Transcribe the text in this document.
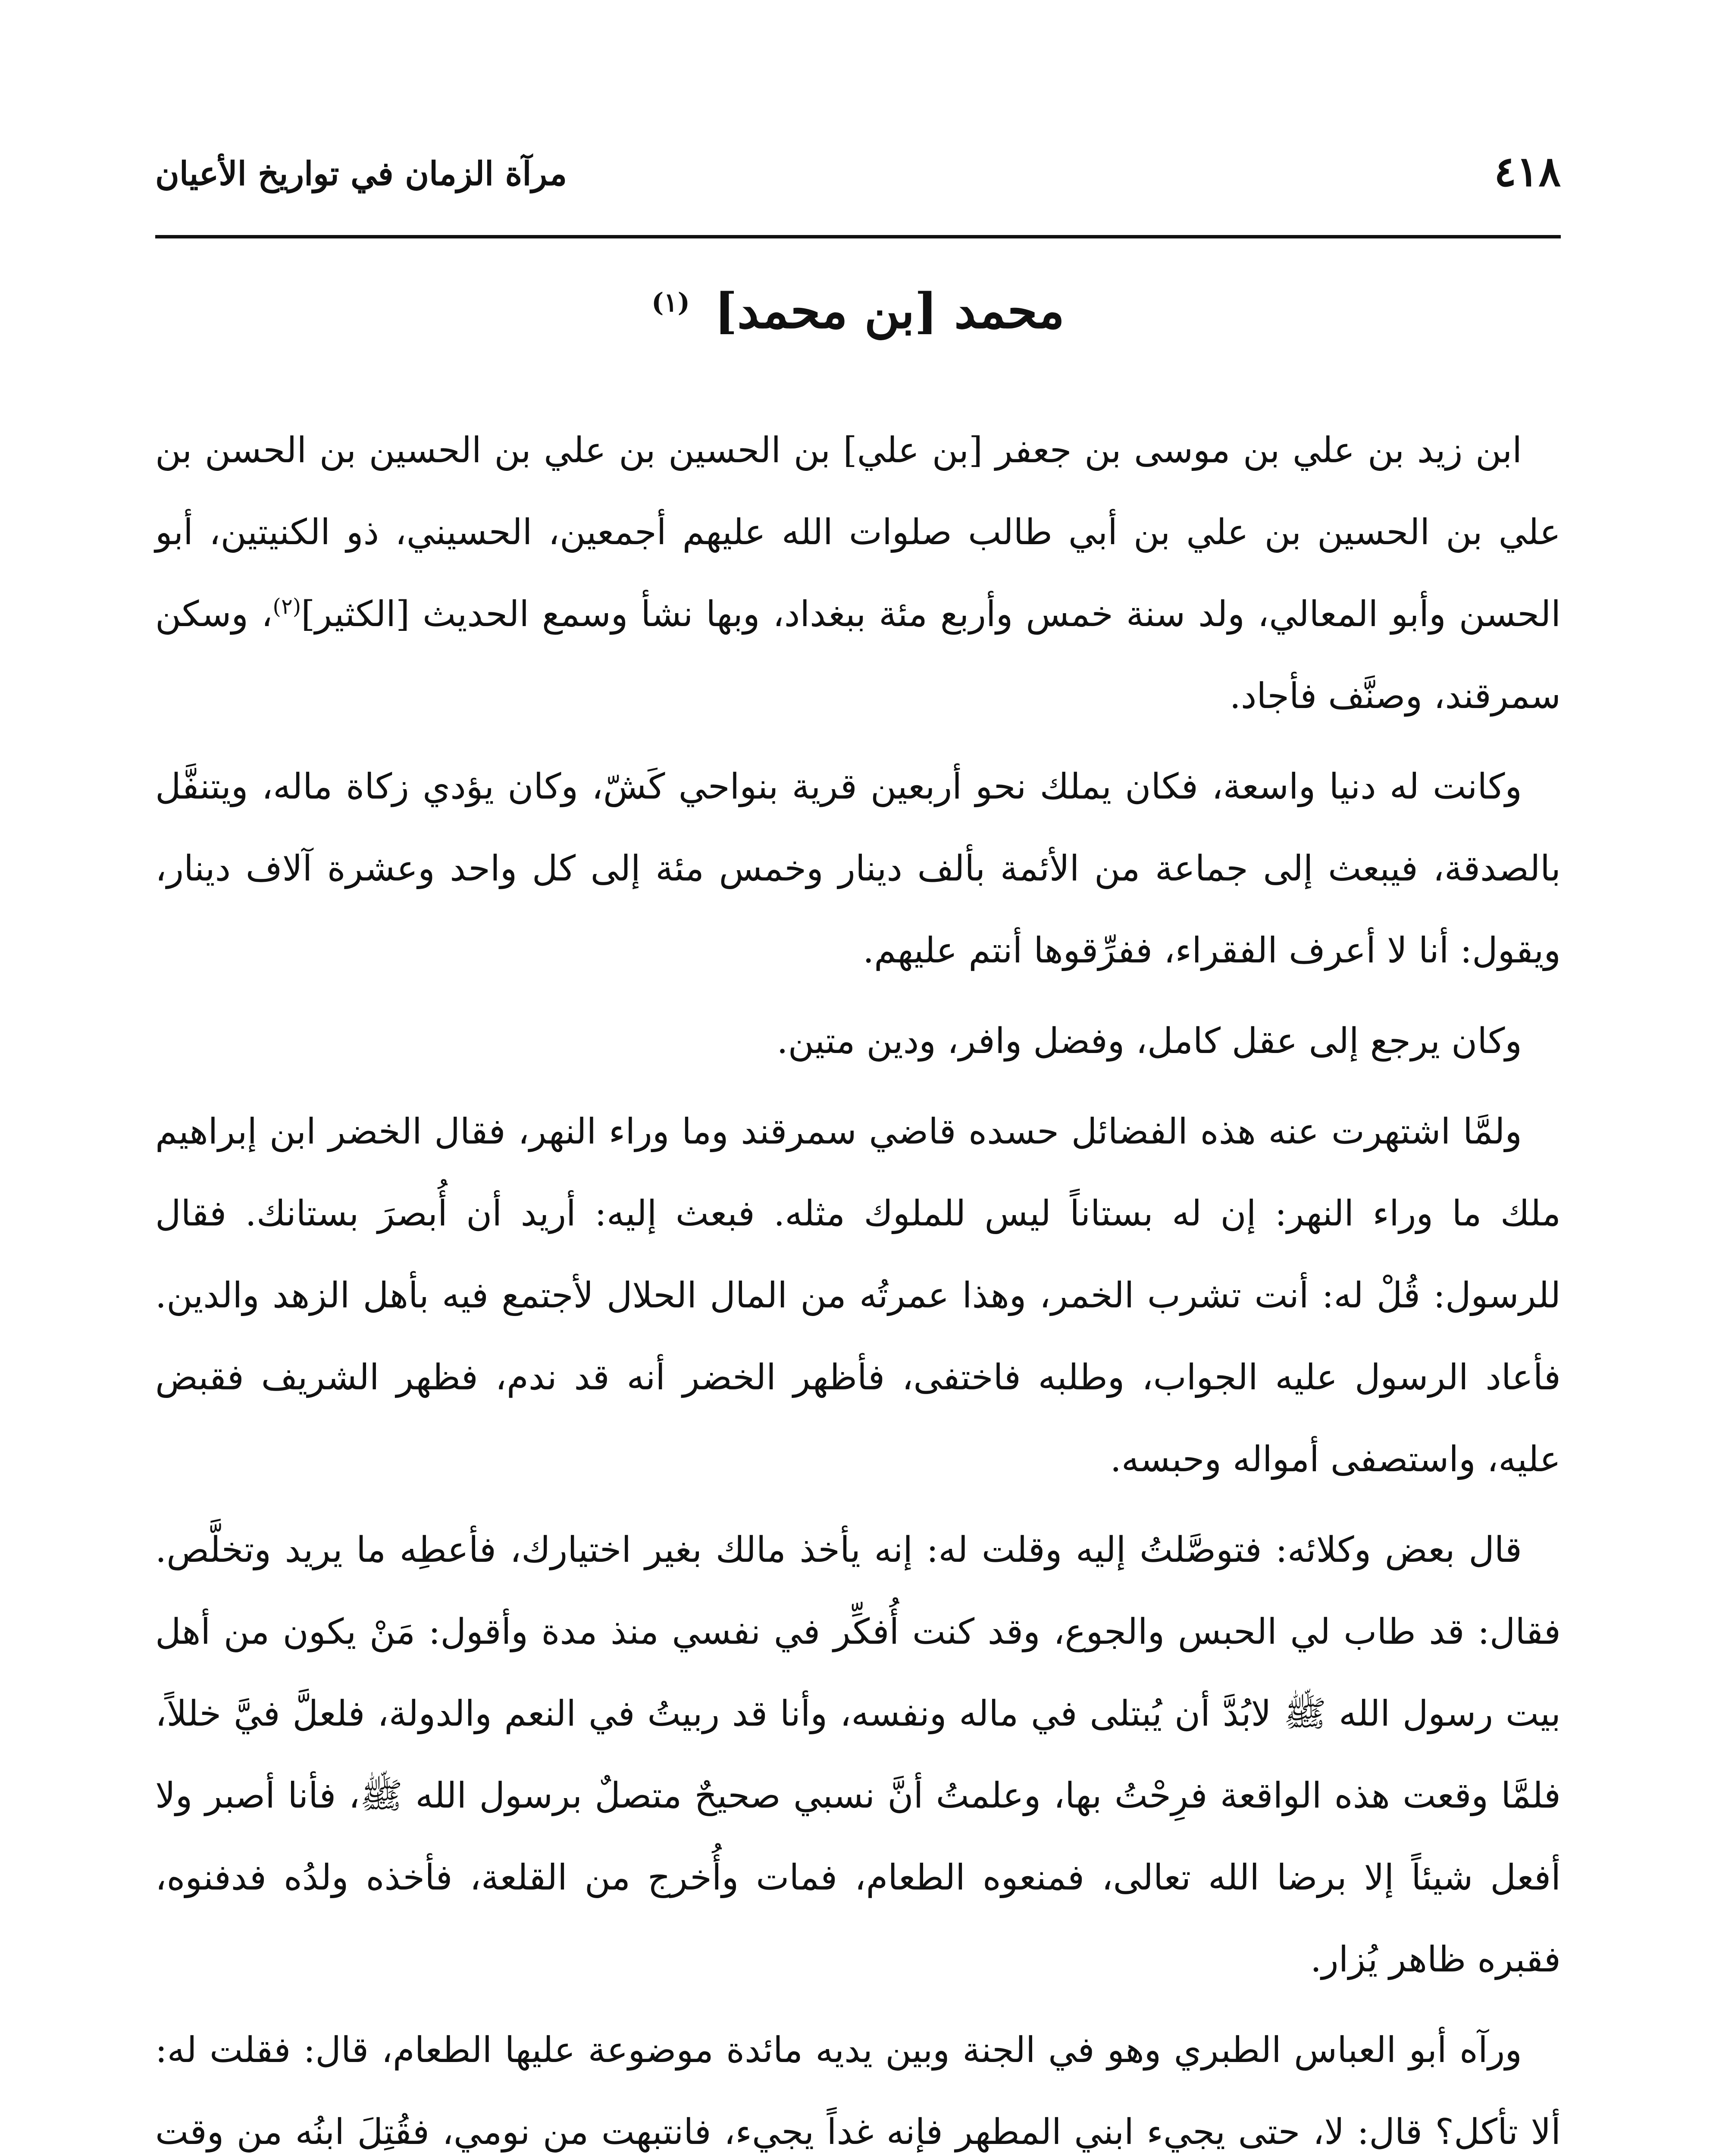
٤١٨
مرآة الزمان في تواريخ الأعيان
محمد [بن محمد] $^{(١)}$

ابن زيد بن علي بن موسى بن جعفر [بن علي] بن الحسين بن علي بن الحسين بن الحسن بن علي بن الحسين بن علي بن أبي طالب صلوات الله عليهم أجمعين، الحسيني، ذو الكنيتين، أبو الحسن وأبو المعالي، ولد سنة خمس وأربع مئة ببغداد، وبها نشأ وسمع الحديث [الكثير]$^{(٢)}$، وسكن سمرقند، وصنَّف فأجاد.

وكانت له دنيا واسعة، فكان يملك نحو أربعين قرية بنواحي كَشّ، وكان يؤدي زكاة ماله، ويتنفَّل بالصدقة، فيبعث إلى جماعة من الأئمة بألف دينار وخمس مئة إلى كل واحد وعشرة آلاف دينار، ويقول: أنا لا أعرف الفقراء، ففرِّقوها أنتم عليهم.

وكان يرجع إلى عقل كامل، وفضل وافر، ودين متين.

ولمَّا اشتهرت عنه هذه الفضائل حسده قاضي سمرقند وما وراء النهر، فقال الخضر ابن إبراهيم ملك ما وراء النهر: إن له بستاناً ليس للملوك مثله. فبعث إليه: أريد أن أُبصرَ بستانك. فقال للرسول: قُلْ له: أنت تشرب الخمر، وهذا عمرتُه من المال الحلال لأجتمع فيه بأهل الزهد والدين. فأعاد الرسول عليه الجواب، وطلبه فاختفى، فأظهر الخضر أنه قد ندم، فظهر الشريف فقبض عليه، واستصفى أمواله وحبسه.

قال بعض وكلائه: فتوصَّلتُ إليه وقلت له: إنه يأخذ مالك بغير اختيارك، فأعطِه ما يريد وتخلَّص. فقال: قد طاب لي الحبس والجوع، وقد كنت أُفكِّر في نفسي منذ مدة وأقول: مَنْ يكون من أهل بيت رسول الله ﷺ لابُدَّ أن يُبتلى في ماله ونفسه، وأنا قد ربيتُ في النعم والدولة، فلعلَّ فيَّ خللاً، فلمَّا وقعت هذه الواقعة فرِحْتُ بها، وعلمتُ أنَّ نسبي صحيحٌ متصلٌ برسول الله ﷺ، فأنا أصبر ولا أفعل شيئاً إلا برضا الله تعالى، فمنعوه الطعام، فمات وأُخرج من القلعة، فأخذه ولدُه فدفنوه، فقبره ظاهر يُزار.

ورآه أبو العباس الطبري وهو في الجنة وبين يديه مائدة موضوعة عليها الطعام، قال: فقلت له: ألا تأكل؟ قال: لا، حتى يجيء ابني المطهر فإنه غداً يجيء، فانتبهت من نومي، فقُتِلَ ابنُه من وقت
